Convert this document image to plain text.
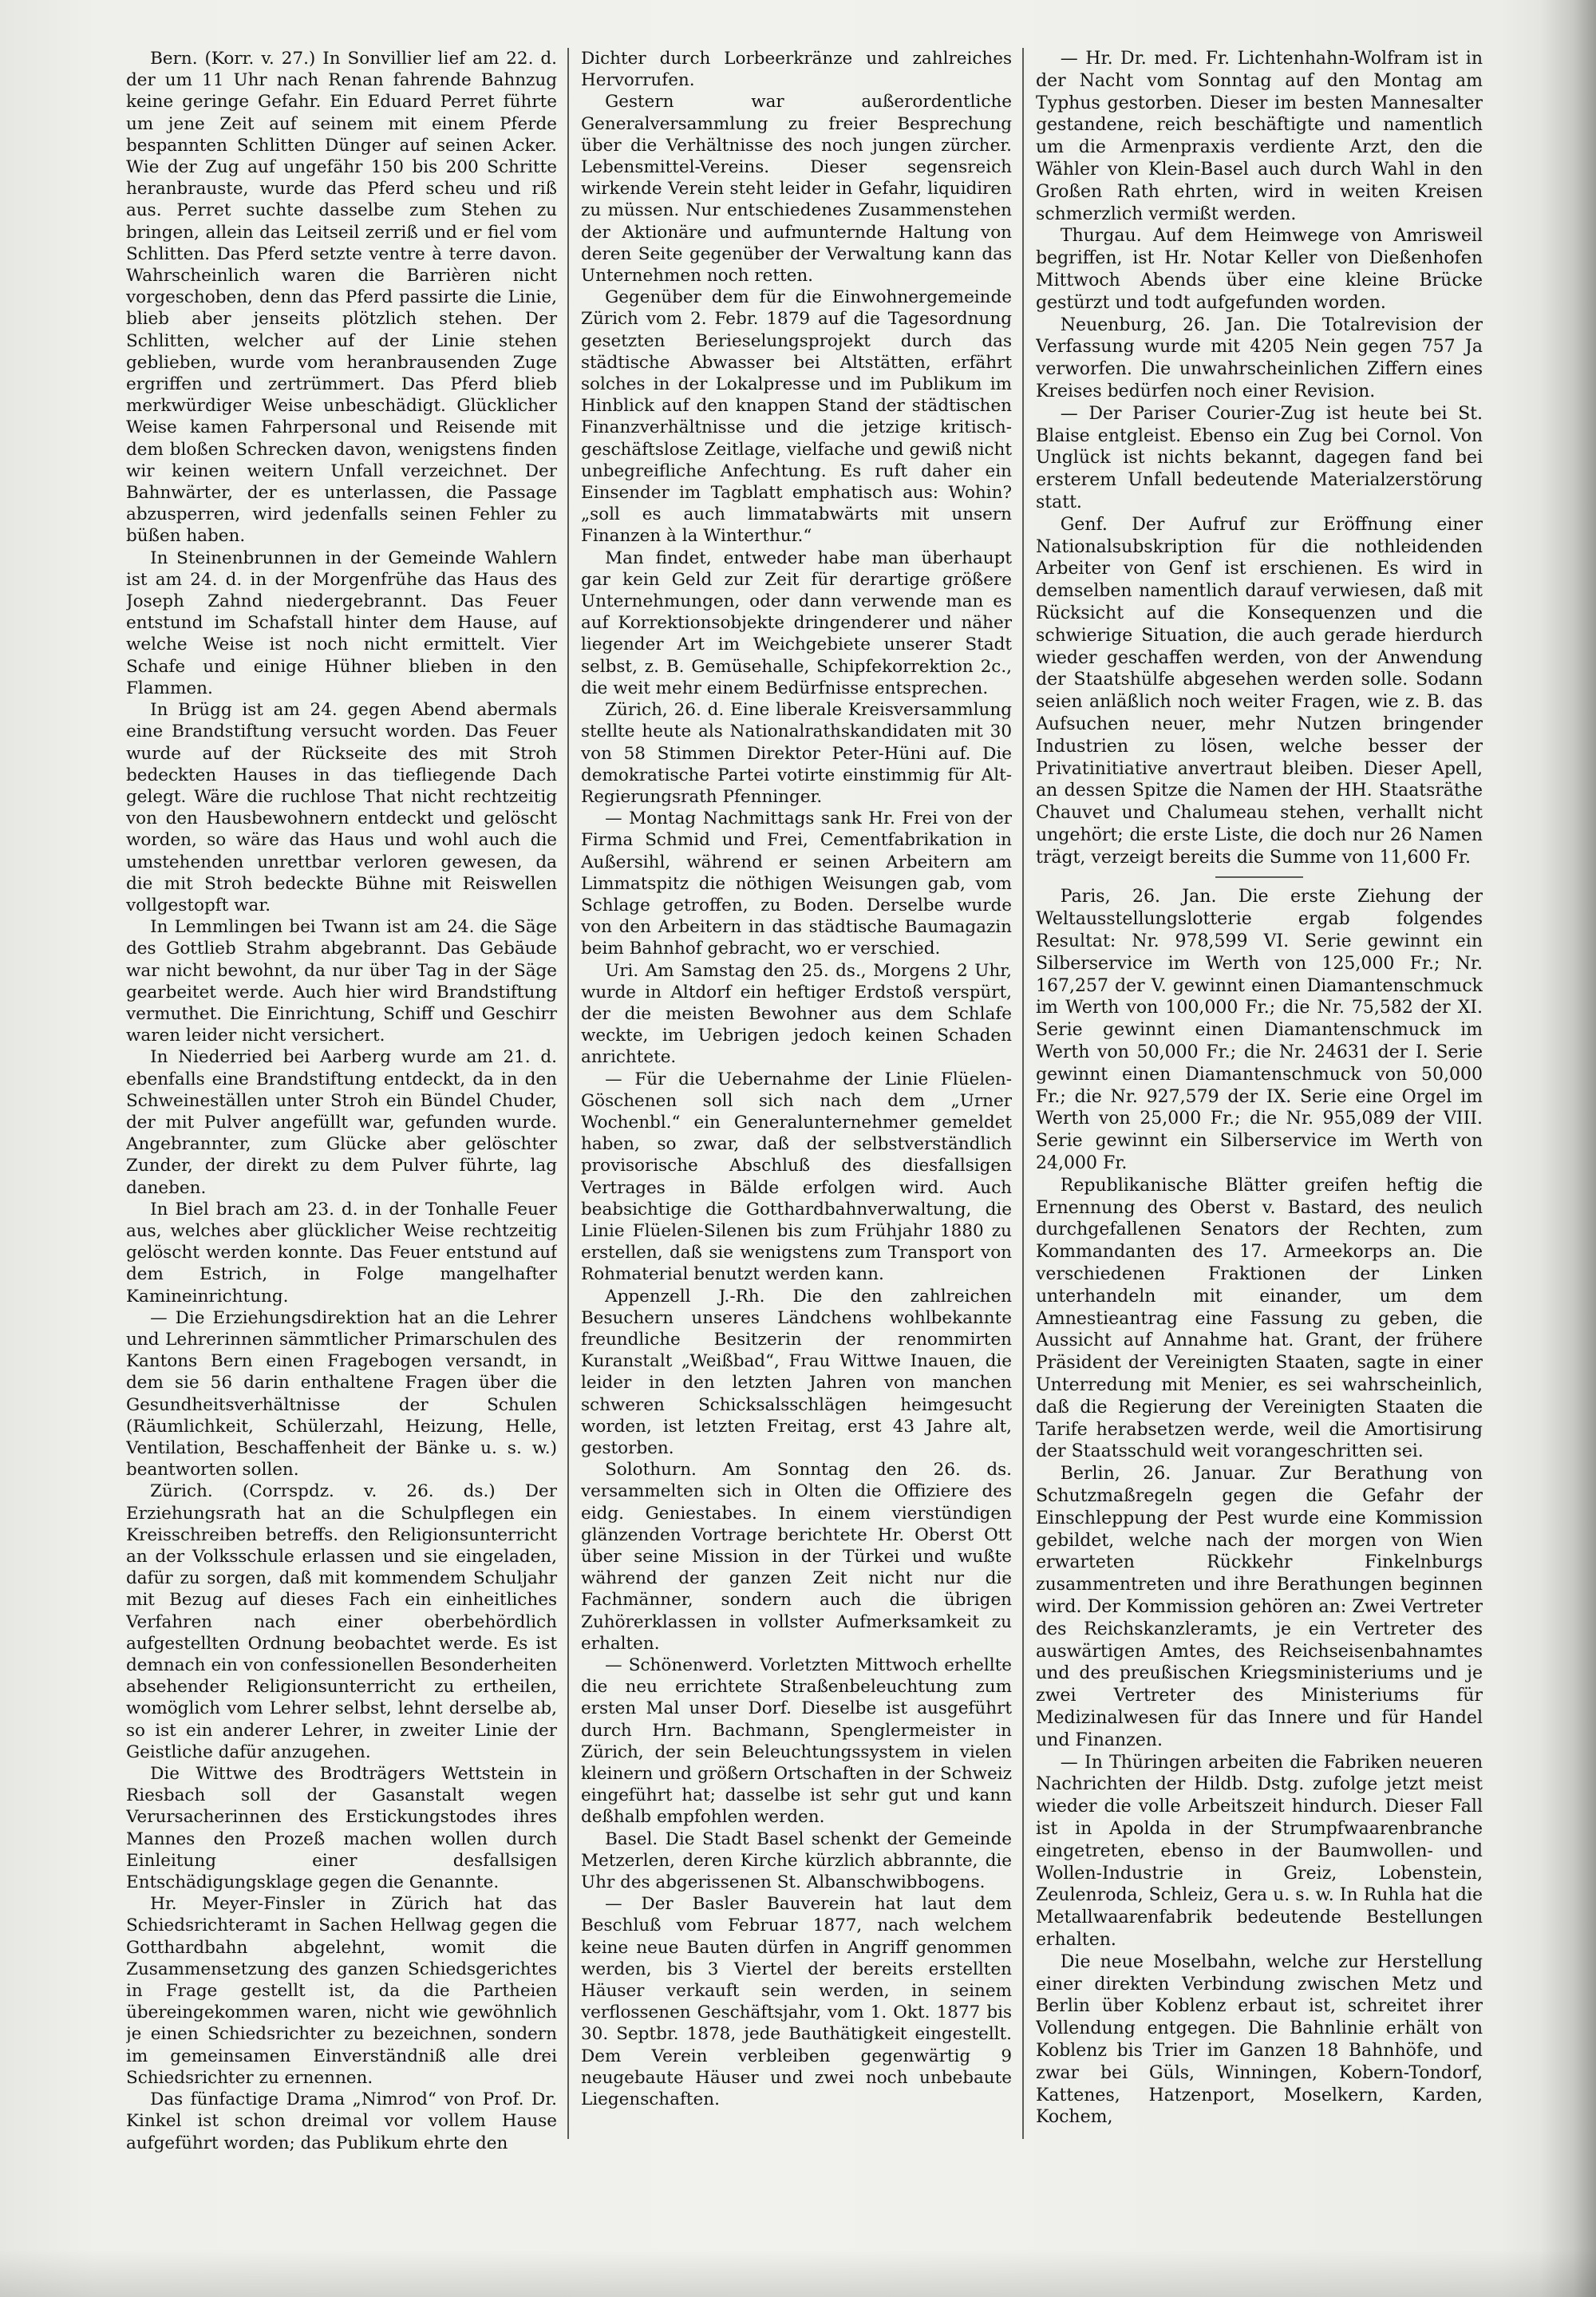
Bern. (Korr. v. 27.) In Sonvillier lief am 22. d. der um 11 Uhr nach Renan fahrende Bahnzug keine geringe Gefahr. Ein Eduard Perret führte um jene Zeit auf seinem mit einem Pferde bespannten Schlitten Dünger auf seinen Acker. Wie der Zug auf ungefähr 150 bis 200 Schritte heranbrauste, wurde das Pferd scheu und riß aus. Perret suchte dasselbe zum Stehen zu bringen, allein das Leitseil zerriß und er fiel vom Schlitten. Das Pferd setzte ventre à terre davon. Wahrscheinlich waren die Barrièren nicht vorgeschoben, denn das Pferd passirte die Linie, blieb aber jenseits plötzlich stehen. Der Schlitten, welcher auf der Linie stehen geblieben, wurde vom heranbrausenden Zuge ergriffen und zertrümmert. Das Pferd blieb merkwürdiger Weise unbeschädigt. Glücklicher Weise kamen Fahrpersonal und Reisende mit dem bloßen Schrecken davon, wenigstens finden wir keinen weitern Unfall verzeichnet. Der Bahnwärter, der es unterlassen, die Passage abzusperren, wird jedenfalls seinen Fehler zu büßen haben.

In Steinenbrunnen in der Gemeinde Wahlern ist am 24. d. in der Morgenfrühe das Haus des Joseph Zahnd niedergebrannt. Das Feuer entstund im Schafstall hinter dem Hause, auf welche Weise ist noch nicht ermittelt. Vier Schafe und einige Hühner blieben in den Flammen.

In Brügg ist am 24. gegen Abend abermals eine Brandstiftung versucht worden. Das Feuer wurde auf der Rückseite des mit Stroh bedeckten Hauses in das tiefliegende Dach gelegt. Wäre die ruchlose That nicht rechtzeitig von den Hausbewohnern entdeckt und gelöscht worden, so wäre das Haus und wohl auch die umstehenden unrettbar verloren gewesen, da die mit Stroh bedeckte Bühne mit Reiswellen vollgestopft war.

In Lemmlingen bei Twann ist am 24. die Säge des Gottlieb Strahm abgebrannt. Das Gebäude war nicht bewohnt, da nur über Tag in der Säge gearbeitet werde. Auch hier wird Brandstiftung vermuthet. Die Einrichtung, Schiff und Geschirr waren leider nicht versichert.

In Niederried bei Aarberg wurde am 21. d. ebenfalls eine Brandstiftung entdeckt, da in den Schweineställen unter Stroh ein Bündel Chuder, der mit Pulver angefüllt war, gefunden wurde. Angebrannter, zum Glücke aber gelöschter Zunder, der direkt zu dem Pulver führte, lag daneben.

In Biel brach am 23. d. in der Tonhalle Feuer aus, welches aber glücklicher Weise rechtzeitig gelöscht werden konnte. Das Feuer entstund auf dem Estrich, in Folge mangelhafter Kamineinrichtung.

— Die Erziehungsdirektion hat an die Lehrer und Lehrerinnen sämmtlicher Primarschulen des Kantons Bern einen Fragebogen versandt, in dem sie 56 darin enthaltene Fragen über die Gesundheitsverhältnisse der Schulen (Räumlichkeit, Schülerzahl, Heizung, Helle, Ventilation, Beschaffenheit der Bänke u. s. w.) beantworten sollen.

Zürich. (Corrspdz. v. 26. ds.) Der Erziehungsrath hat an die Schulpflegen ein Kreisschreiben betreffs. den Religionsunterricht an der Volksschule erlassen und sie eingeladen, dafür zu sorgen, daß mit kommendem Schuljahr mit Bezug auf dieses Fach ein einheitliches Verfahren nach einer oberbehördlich aufgestellten Ordnung beobachtet werde. Es ist demnach ein von confessionellen Besonderheiten absehender Religionsunterricht zu ertheilen, womöglich vom Lehrer selbst, lehnt derselbe ab, so ist ein anderer Lehrer, in zweiter Linie der Geistliche dafür anzugehen.

Die Wittwe des Brodträgers Wettstein in Riesbach soll der Gasanstalt wegen Verursacherinnen des Erstickungstodes ihres Mannes den Prozeß machen wollen durch Einleitung einer desfallsigen Entschädigungsklage gegen die Genannte.

Hr. Meyer-Finsler in Zürich hat das Schiedsrichteramt in Sachen Hellwag gegen die Gotthardbahn abgelehnt, womit die Zusammensetzung des ganzen Schiedsgerichtes in Frage gestellt ist, da die Partheien übereingekommen waren, nicht wie gewöhnlich je einen Schiedsrichter zu bezeichnen, sondern im gemeinsamen Einverständniß alle drei Schiedsrichter zu ernennen.

Das fünfactige Drama „Nimrod“ von Prof. Dr. Kinkel ist schon dreimal vor vollem Hause aufgeführt worden; das Publikum ehrte den

Dichter durch Lorbeerkränze und zahlreiches Hervorrufen.

Gestern war außerordentliche Generalversammlung zu freier Besprechung über die Verhältnisse des noch jungen zürcher. Lebensmittel-Vereins. Dieser segensreich wirkende Verein steht leider in Gefahr, liquidiren zu müssen. Nur entschiedenes Zusammenstehen der Aktionäre und aufmunternde Haltung von deren Seite gegenüber der Verwaltung kann das Unternehmen noch retten.

Gegenüber dem für die Einwohnergemeinde Zürich vom 2. Febr. 1879 auf die Tagesordnung gesetzten Berieselungsprojekt durch das städtische Abwasser bei Altstätten, erfährt solches in der Lokalpresse und im Publikum im Hinblick auf den knappen Stand der städtischen Finanzverhältnisse und die jetzige kritisch-geschäftslose Zeitlage, vielfache und gewiß nicht unbegreifliche Anfechtung. Es ruft daher ein Einsender im Tagblatt emphatisch aus: Wohin? „soll es auch limmatabwärts mit unsern Finanzen à la Winterthur.“

Man findet, entweder habe man überhaupt gar kein Geld zur Zeit für derartige größere Unternehmungen, oder dann verwende man es auf Korrektionsobjekte dringenderer und näher liegender Art im Weichgebiete unserer Stadt selbst, z. B. Gemüsehalle, Schipfekorrektion 2c., die weit mehr einem Bedürfnisse entsprechen.

Zürich, 26. d. Eine liberale Kreisversammlung stellte heute als Nationalrathskandidaten mit 30 von 58 Stimmen Direktor Peter-Hüni auf. Die demokratische Partei votirte einstimmig für Alt-Regierungsrath Pfenninger.

— Montag Nachmittags sank Hr. Frei von der Firma Schmid und Frei, Cementfabrikation in Außersihl, während er seinen Arbeitern am Limmatspitz die nöthigen Weisungen gab, vom Schlage getroffen, zu Boden. Derselbe wurde von den Arbeitern in das städtische Baumagazin beim Bahnhof gebracht, wo er verschied.

Uri. Am Samstag den 25. ds., Morgens 2 Uhr, wurde in Altdorf ein heftiger Erdstoß verspürt, der die meisten Bewohner aus dem Schlafe weckte, im Uebrigen jedoch keinen Schaden anrichtete.

— Für die Uebernahme der Linie Flüelen-Göschenen soll sich nach dem „Urner Wochenbl.“ ein Generalunternehmer gemeldet haben, so zwar, daß der selbstverständlich provisorische Abschluß des diesfallsigen Vertrages in Bälde erfolgen wird. Auch beabsichtige die Gotthardbahnverwaltung, die Linie Flüelen-Silenen bis zum Frühjahr 1880 zu erstellen, daß sie wenigstens zum Transport von Rohmaterial benutzt werden kann.

Appenzell J.-Rh. Die den zahlreichen Besuchern unseres Ländchens wohlbekannte freundliche Besitzerin der renommirten Kuranstalt „Weißbad“, Frau Wittwe Inauen, die leider in den letzten Jahren von manchen schweren Schicksalsschlägen heimgesucht worden, ist letzten Freitag, erst 43 Jahre alt, gestorben.

Solothurn. Am Sonntag den 26. ds. versammelten sich in Olten die Offiziere des eidg. Geniestabes. In einem vierstündigen glänzenden Vortrage berichtete Hr. Oberst Ott über seine Mission in der Türkei und wußte während der ganzen Zeit nicht nur die Fachmänner, sondern auch die übrigen Zuhörerklassen in vollster Aufmerksamkeit zu erhalten.

— Schönenwerd. Vorletzten Mittwoch erhellte die neu errichtete Straßenbeleuchtung zum ersten Mal unser Dorf. Dieselbe ist ausgeführt durch Hrn. Bachmann, Spenglermeister in Zürich, der sein Beleuchtungssystem in vielen kleinern und größern Ortschaften in der Schweiz eingeführt hat; dasselbe ist sehr gut und kann deßhalb empfohlen werden.

Basel. Die Stadt Basel schenkt der Gemeinde Metzerlen, deren Kirche kürzlich abbrannte, die Uhr des abgerissenen St. Albanschwibbogens.

— Der Basler Bauverein hat laut dem Beschluß vom Februar 1877, nach welchem keine neue Bauten dürfen in Angriff genommen werden, bis 3 Viertel der bereits erstellten Häuser verkauft sein werden, in seinem verflossenen Geschäftsjahr, vom 1. Okt. 1877 bis 30. Septbr. 1878, jede Bauthätigkeit eingestellt. Dem Verein verbleiben gegenwärtig 9 neugebaute Häuser und zwei noch unbebaute Liegenschaften.

— Hr. Dr. med. Fr. Lichtenhahn-Wolfram ist in der Nacht vom Sonntag auf den Montag am Typhus gestorben. Dieser im besten Mannesalter gestandene, reich beschäftigte und namentlich um die Armenpraxis verdiente Arzt, den die Wähler von Klein-Basel auch durch Wahl in den Großen Rath ehrten, wird in weiten Kreisen schmerzlich vermißt werden.

Thurgau. Auf dem Heimwege von Amrisweil begriffen, ist Hr. Notar Keller von Dießenhofen Mittwoch Abends über eine kleine Brücke gestürzt und todt aufgefunden worden.

Neuenburg, 26. Jan. Die Totalrevision der Verfassung wurde mit 4205 Nein gegen 757 Ja verworfen. Die unwahrscheinlichen Ziffern eines Kreises bedürfen noch einer Revision.

— Der Pariser Courier-Zug ist heute bei St. Blaise entgleist. Ebenso ein Zug bei Cornol. Von Unglück ist nichts bekannt, dagegen fand bei ersterem Unfall bedeutende Materialzerstörung statt.

Genf. Der Aufruf zur Eröffnung einer Nationalsubskription für die nothleidenden Arbeiter von Genf ist erschienen. Es wird in demselben namentlich darauf verwiesen, daß mit Rücksicht auf die Konsequenzen und die schwierige Situation, die auch gerade hierdurch wieder geschaffen werden, von der Anwendung der Staatshülfe abgesehen werden solle. Sodann seien anläßlich noch weiter Fragen, wie z. B. das Aufsuchen neuer, mehr Nutzen bringender Industrien zu lösen, welche besser der Privatinitiative anvertraut bleiben. Dieser Apell, an dessen Spitze die Namen der HH. Staatsräthe Chauvet und Chalumeau stehen, verhallt nicht ungehört; die erste Liste, die doch nur 26 Namen trägt, verzeigt bereits die Summe von 11,600 Fr.

Paris, 26. Jan. Die erste Ziehung der Weltausstellungslotterie ergab folgendes Resultat: Nr. 978,599 VI. Serie gewinnt ein Silberservice im Werth von 125,000 Fr.; Nr. 167,257 der V. gewinnt einen Diamantenschmuck im Werth von 100,000 Fr.; die Nr. 75,582 der XI. Serie gewinnt einen Diamantenschmuck im Werth von 50,000 Fr.; die Nr. 24631 der I. Serie gewinnt einen Diamantenschmuck von 50,000 Fr.; die Nr. 927,579 der IX. Serie eine Orgel im Werth von 25,000 Fr.; die Nr. 955,089 der VIII. Serie gewinnt ein Silberservice im Werth von 24,000 Fr.

Republikanische Blätter greifen heftig die Ernennung des Oberst v. Bastard, des neulich durchgefallenen Senators der Rechten, zum Kommandanten des 17. Armeekorps an. Die verschiedenen Fraktionen der Linken unterhandeln mit einander, um dem Amnestieantrag eine Fassung zu geben, die Aussicht auf Annahme hat. Grant, der frühere Präsident der Vereinigten Staaten, sagte in einer Unterredung mit Menier, es sei wahrscheinlich, daß die Regierung der Vereinigten Staaten die Tarife herabsetzen werde, weil die Amortisirung der Staatsschuld weit vorangeschritten sei.

Berlin, 26. Januar. Zur Berathung von Schutzmaßregeln gegen die Gefahr der Einschleppung der Pest wurde eine Kommission gebildet, welche nach der morgen von Wien erwarteten Rückkehr Finkelnburgs zusammentreten und ihre Berathungen beginnen wird. Der Kommission gehören an: Zwei Vertreter des Reichskanzleramts, je ein Vertreter des auswärtigen Amtes, des Reichseisenbahnamtes und des preußischen Kriegsministeriums und je zwei Vertreter des Ministeriums für Medizinalwesen für das Innere und für Handel und Finanzen.

— In Thüringen arbeiten die Fabriken neueren Nachrichten der Hildb. Dstg. zufolge jetzt meist wieder die volle Arbeitszeit hindurch. Dieser Fall ist in Apolda in der Strumpfwaarenbranche eingetreten, ebenso in der Baumwollen- und Wollen-Industrie in Greiz, Lobenstein, Zeulenroda, Schleiz, Gera u. s. w. In Ruhla hat die Metallwaarenfabrik bedeutende Bestellungen erhalten.

Die neue Moselbahn, welche zur Herstellung einer direkten Verbindung zwischen Metz und Berlin über Koblenz erbaut ist, schreitet ihrer Vollendung entgegen. Die Bahnlinie erhält von Koblenz bis Trier im Ganzen 18 Bahnhöfe, und zwar bei Güls, Winningen, Kobern-Tondorf, Kattenes, Hatzenport, Moselkern, Karden, Kochem,
